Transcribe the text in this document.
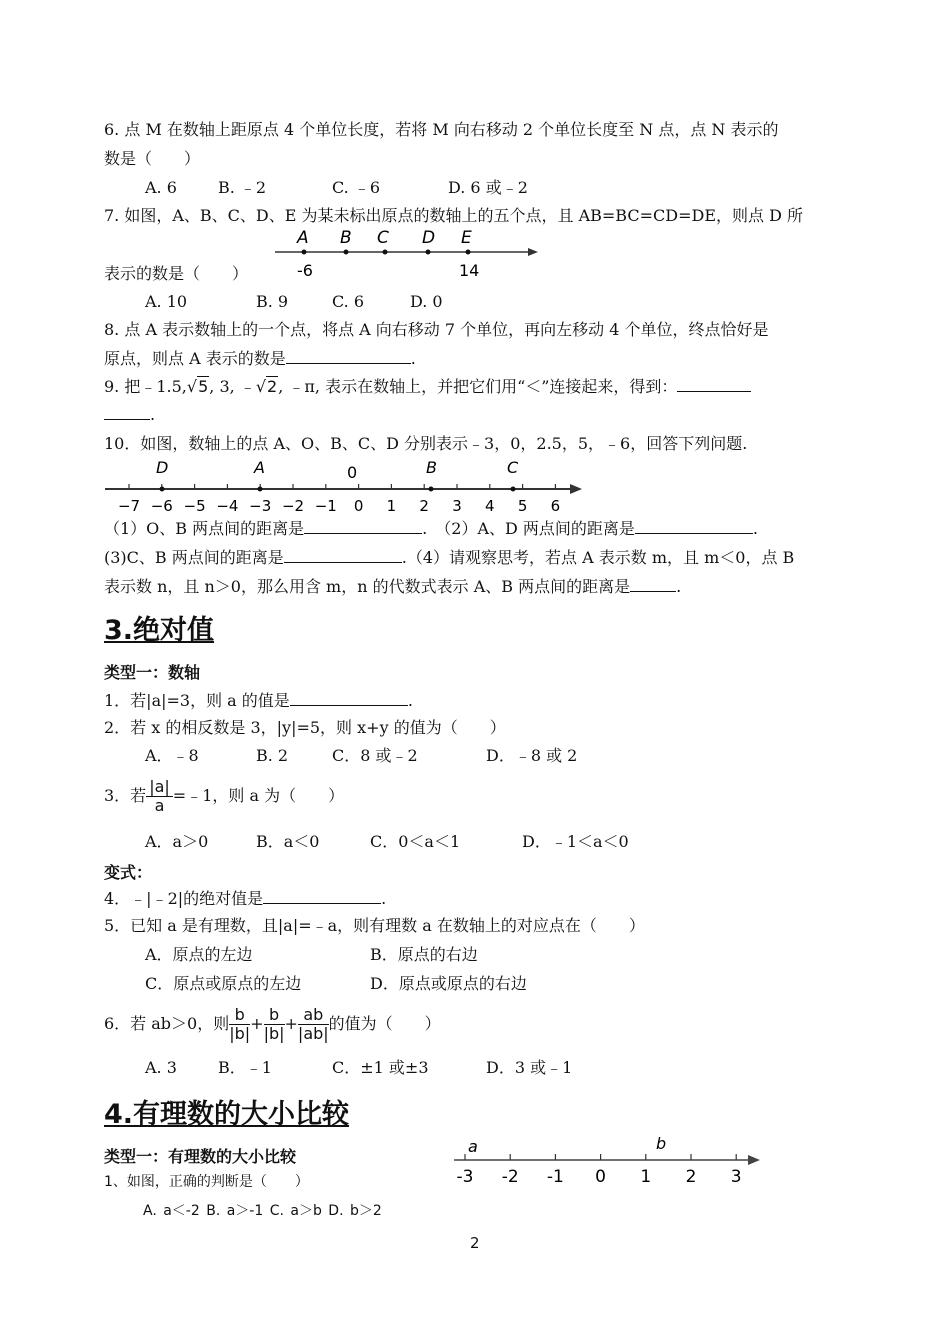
6. 点 M 在数轴上距原点 4 个单位长度，若将 M 向右移动 2 个单位长度至 N 点，点 N 表示的
数是（　　）
A. 6	B. ﹣2	C. ﹣6	D. 6 或﹣2
7. 如图，A、B、C、D、E 为某未标出原点的数轴上的五个点，且 AB=BC=CD=DE，则点 D 所
A B C D E
-6	14
表示的数是（　　）
A. 10	B. 9	C. 6	D. 0
8. 点 A 表示数轴上的一个点，将点 A 向右移动 7 个单位，再向左移动 4 个单位，终点恰好是
原点，则点 A 表示的数是	.
9. 把﹣1.5,√5, 3, ﹣√2, ﹣π, 表示在数轴上，并把它们用“＜”连接起来，得到：
.
10．如图，数轴上的点 A、O、B、C、D 分别表示﹣3，0，2.5，5，﹣6，回答下列问题.
−7 −6 −5 −4 −3 −2 −1 0 1 2 3 4 5 6
D	A	0	B	C
（1）O、B 两点间的距离是	.　 （2）A、D 两点间的距离是	.
(3)C、B 两点间的距离是	.（4）请观察思考，若点 A 表示数 m，且 m＜0，点 B
表示数 n，且 n＞0，那么用含 m，n 的代数式表示 A、B 两点间的距离是	.
3.绝对值
类型一：数轴
1．若|a|=3，则 a 的值是	.
2．若 x 的相反数是 3，|y|=5，则 x+y 的值为（　　）
A．﹣8	B. 2	C．8 或﹣2	D．﹣8 或 2
3．若 $\frac{|a|}{a}$ =﹣1，则 a 为（　　）
A．a＞0	B．a＜0	C．0＜a＜1	D．﹣1＜a＜0
变式：
4．﹣|﹣2|的绝对值是	.
5．已知 a 是有理数，且|a|=﹣a，则有理数 a 在数轴上的对应点在（　　）
A．原点的左边	B．原点的右边
C．原点或原点的左边	D．原点或原点的右边
6．若 ab＞0，则 $\frac{b}{|b|} + \frac{b}{|b|} + \frac{ab}{|ab|}$ 的值为（　　）
A. 3	B．﹣1	C．±1 或±3	D．3 或﹣1
4.有理数的大小比较
类型一：有理数的大小比较
1、如图，正确的判断是（　　）
A. a＜-2 B. a＞-1 C. a＞b D. b＞2
-3 -2 -1 0 1 2 3
a	b
2
